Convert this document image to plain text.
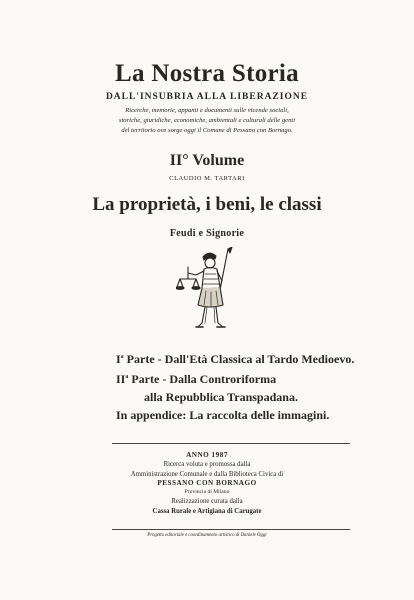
La Nostra Storia
DALL'INSUBRIA ALLA LIBERAZIONE
Ricerche, memorie, appunti e documenti sulle vicende sociali,
storiche, giuridiche, economiche, ambientali e culturali delle genti
del territorio ove sorge oggi il Comune di Pessano con Bornago.
II° Volume
CLAUDIO M. TARTARI
La proprietà, i beni, le classi
Feudi e Signorie
$I^a$ Parte - Dall'Età Classica al Tardo Medioevo.
$II^a$ Parte - Dalla Controriforma
alla Repubblica Transpadana.
In appendice: La raccolta delle immagini.
ANNO 1987
Ricerca voluta e promossa dalla
Amministrazione Comunale e dalla Biblioteca Civica di
PESSANO CON BORNAGO
Provincia di Milano
Realizzazione curata dalla
Cassa Rurale e Artigiana di Carugate
Progetto editoriale e coordinamento artistico di Daniele Oggi
